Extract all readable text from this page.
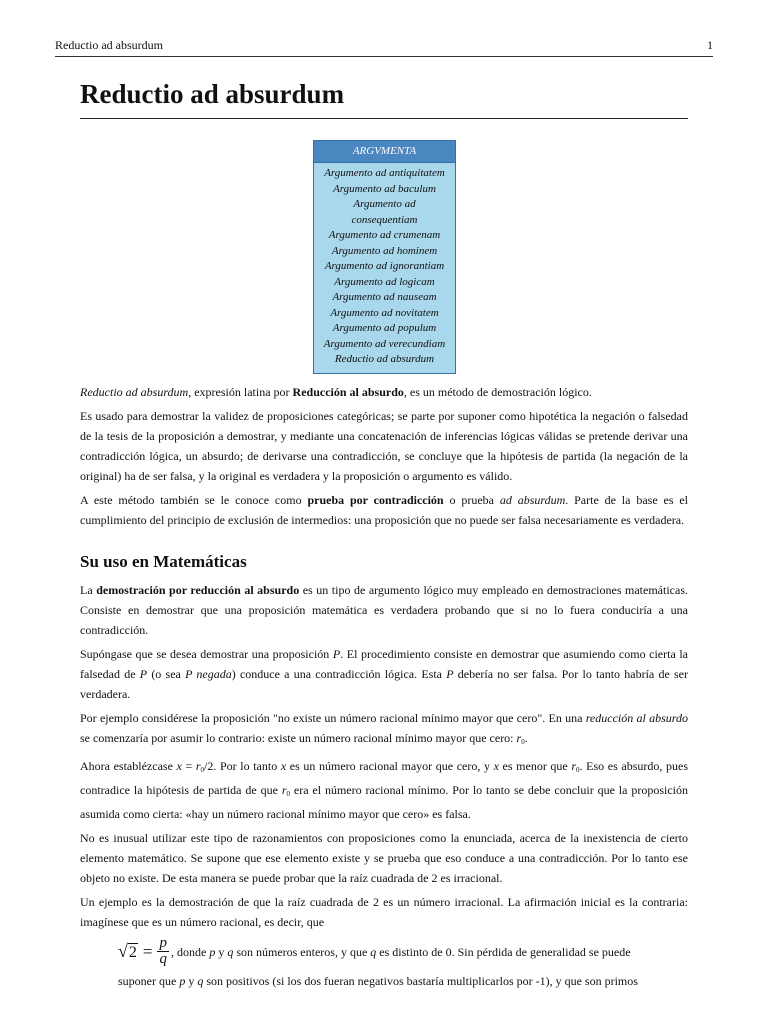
Reductio ad absurdum	1
Reductio ad absurdum
ARGVMENTA
Argumento ad antiquitatem
Argumento ad baculum
Argumento ad
consequentiam
Argumento ad crumenam
Argumento ad hominem
Argumento ad ignorantiam
Argumento ad logicam
Argumento ad nauseam
Argumento ad novitatem
Argumento ad populum
Argumento ad verecundiam
Reductio ad absurdum

Reductio ad absurdum, expresión latina por Reducción al absurdo, es un método de demostración lógico.

Es usado para demostrar la validez de proposiciones categóricas; se parte por suponer como hipotética la negación o falsedad de la tesis de la proposición a demostrar, y mediante una concatenación de inferencias lógicas válidas se pretende derivar una contradicción lógica, un absurdo; de derivarse una contradicción, se concluye que la hipótesis de partida (la negación de la original) ha de ser falsa, y la original es verdadera y la proposición o argumento es válido.

A este método también se le conoce como prueba por contradicción o prueba ad absurdum. Parte de la base es el cumplimiento del principio de exclusión de intermedios: una proposición que no puede ser falsa necesariamente es verdadera.

Su uso en Matemáticas

La demostración por reducción al absurdo es un tipo de argumento lógico muy empleado en demostraciones matemáticas. Consiste en demostrar que una proposición matemática es verdadera probando que si no lo fuera conduciría a una contradicción.

Supóngase que se desea demostrar una proposición P. El procedimiento consiste en demostrar que asumiendo como cierta la falsedad de P (o sea P negada) conduce a una contradicción lógica. Esta P debería no ser falsa. Por lo tanto habría de ser verdadera.

Por ejemplo considérese la proposición "no existe un número racional mínimo mayor que cero". En una reducción al absurdo se comenzaría por asumir lo contrario: existe un número racional mínimo mayor que cero: $r_0$.

Ahora establézcase $x = r_0/2$. Por lo tanto x es un número racional mayor que cero, y x es menor que $r_0$. Eso es absurdo, pues contradice la hipótesis de partida de que $r_0$ era el número racional mínimo. Por lo tanto se debe concluir que la proposición asumida como cierta: «hay un número racional mínimo mayor que cero» es falsa.

No es inusual utilizar este tipo de razonamientos con proposiciones como la enunciada, acerca de la inexistencia de cierto elemento matemático. Se supone que ese elemento existe y se prueba que eso conduce a una contradicción. Por lo tanto ese objeto no existe. De esta manera se puede probar que la raíz cuadrada de 2 es irracional.

Un ejemplo es la demostración de que la raíz cuadrada de 2 es un número irracional. La afirmación inicial es la contraria: imagínese que es un número racional, es decir, que

√ $2 = \frac{p}{q}$ , donde p y q son números enteros, y que q es distinto de 0. Sin pérdida de generalidad se puede

suponer que p y q son positivos (si los dos fueran negativos bastaría multiplicarlos por -1), y que son primos
